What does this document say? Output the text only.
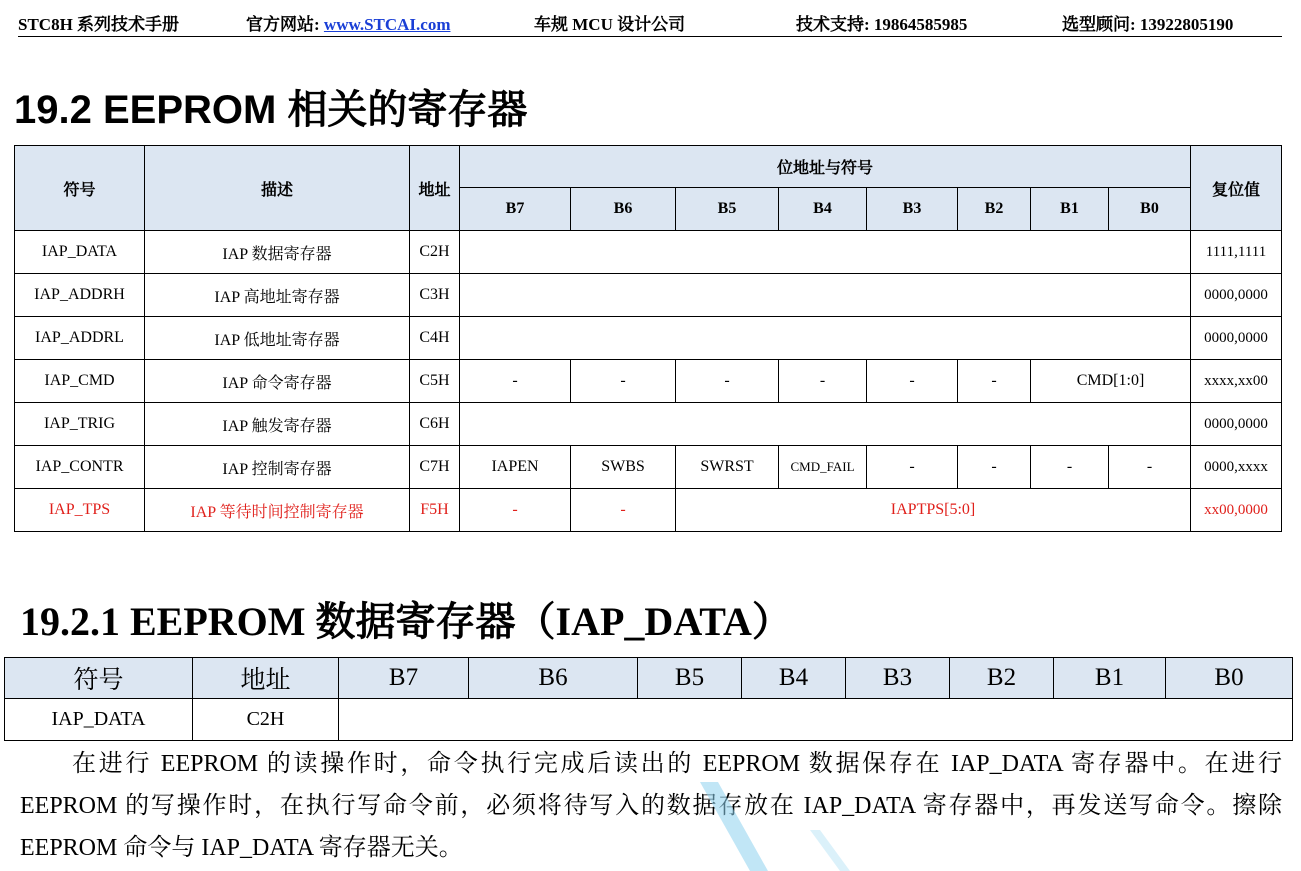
STC8H 系列技术手册	官方网站: www.STCAI.com	车规 MCU 设计公司	技术支持: 19864585985	选型顾问: 13922805190
19.2 EEPROM 相关的寄存器
符号	描述	地址	位地址与符号								复位值
			B7	B6	B5	B4	B3	B2	B1	B0	
IAP_DATA	IAP 数据寄存器	C2H									1111,1111
IAP_ADDRH	IAP 高地址寄存器	C3H									0000,0000
IAP_ADDRL	IAP 低地址寄存器	C4H									0000,0000
IAP_CMD	IAP 命令寄存器	C5H	-	-	-	-	-	-	CMD[1:0]		xxxx,xx00
IAP_TRIG	IAP 触发寄存器	C6H									0000,0000
IAP_CONTR	IAP 控制寄存器	C7H	IAPEN	SWBS	SWRST	CMD_FAIL	-	-	-	-	0000,xxxx
IAP_TPS	IAP 等待时间控制寄存器	F5H	-	-	IAPTPS[5:0]						xx00,0000
19.2.1 EEPROM 数据寄存器（IAP_DATA）
符号	地址	B7	B6	B5	B4	B3	B2	B1	B0
IAP_DATA	C2H								

在进行 EEPROM 的读操作时，命令执行完成后读出的 EEPROM 数据保存在 IAP_DATA 寄存器中。在进行 EEPROM 的写操作时，在执行写命令前，必须将待写入的数据存放在 IAP_DATA 寄存器中，再发送写命令。擦除 EEPROM 命令与 IAP_DATA 寄存器无关。
